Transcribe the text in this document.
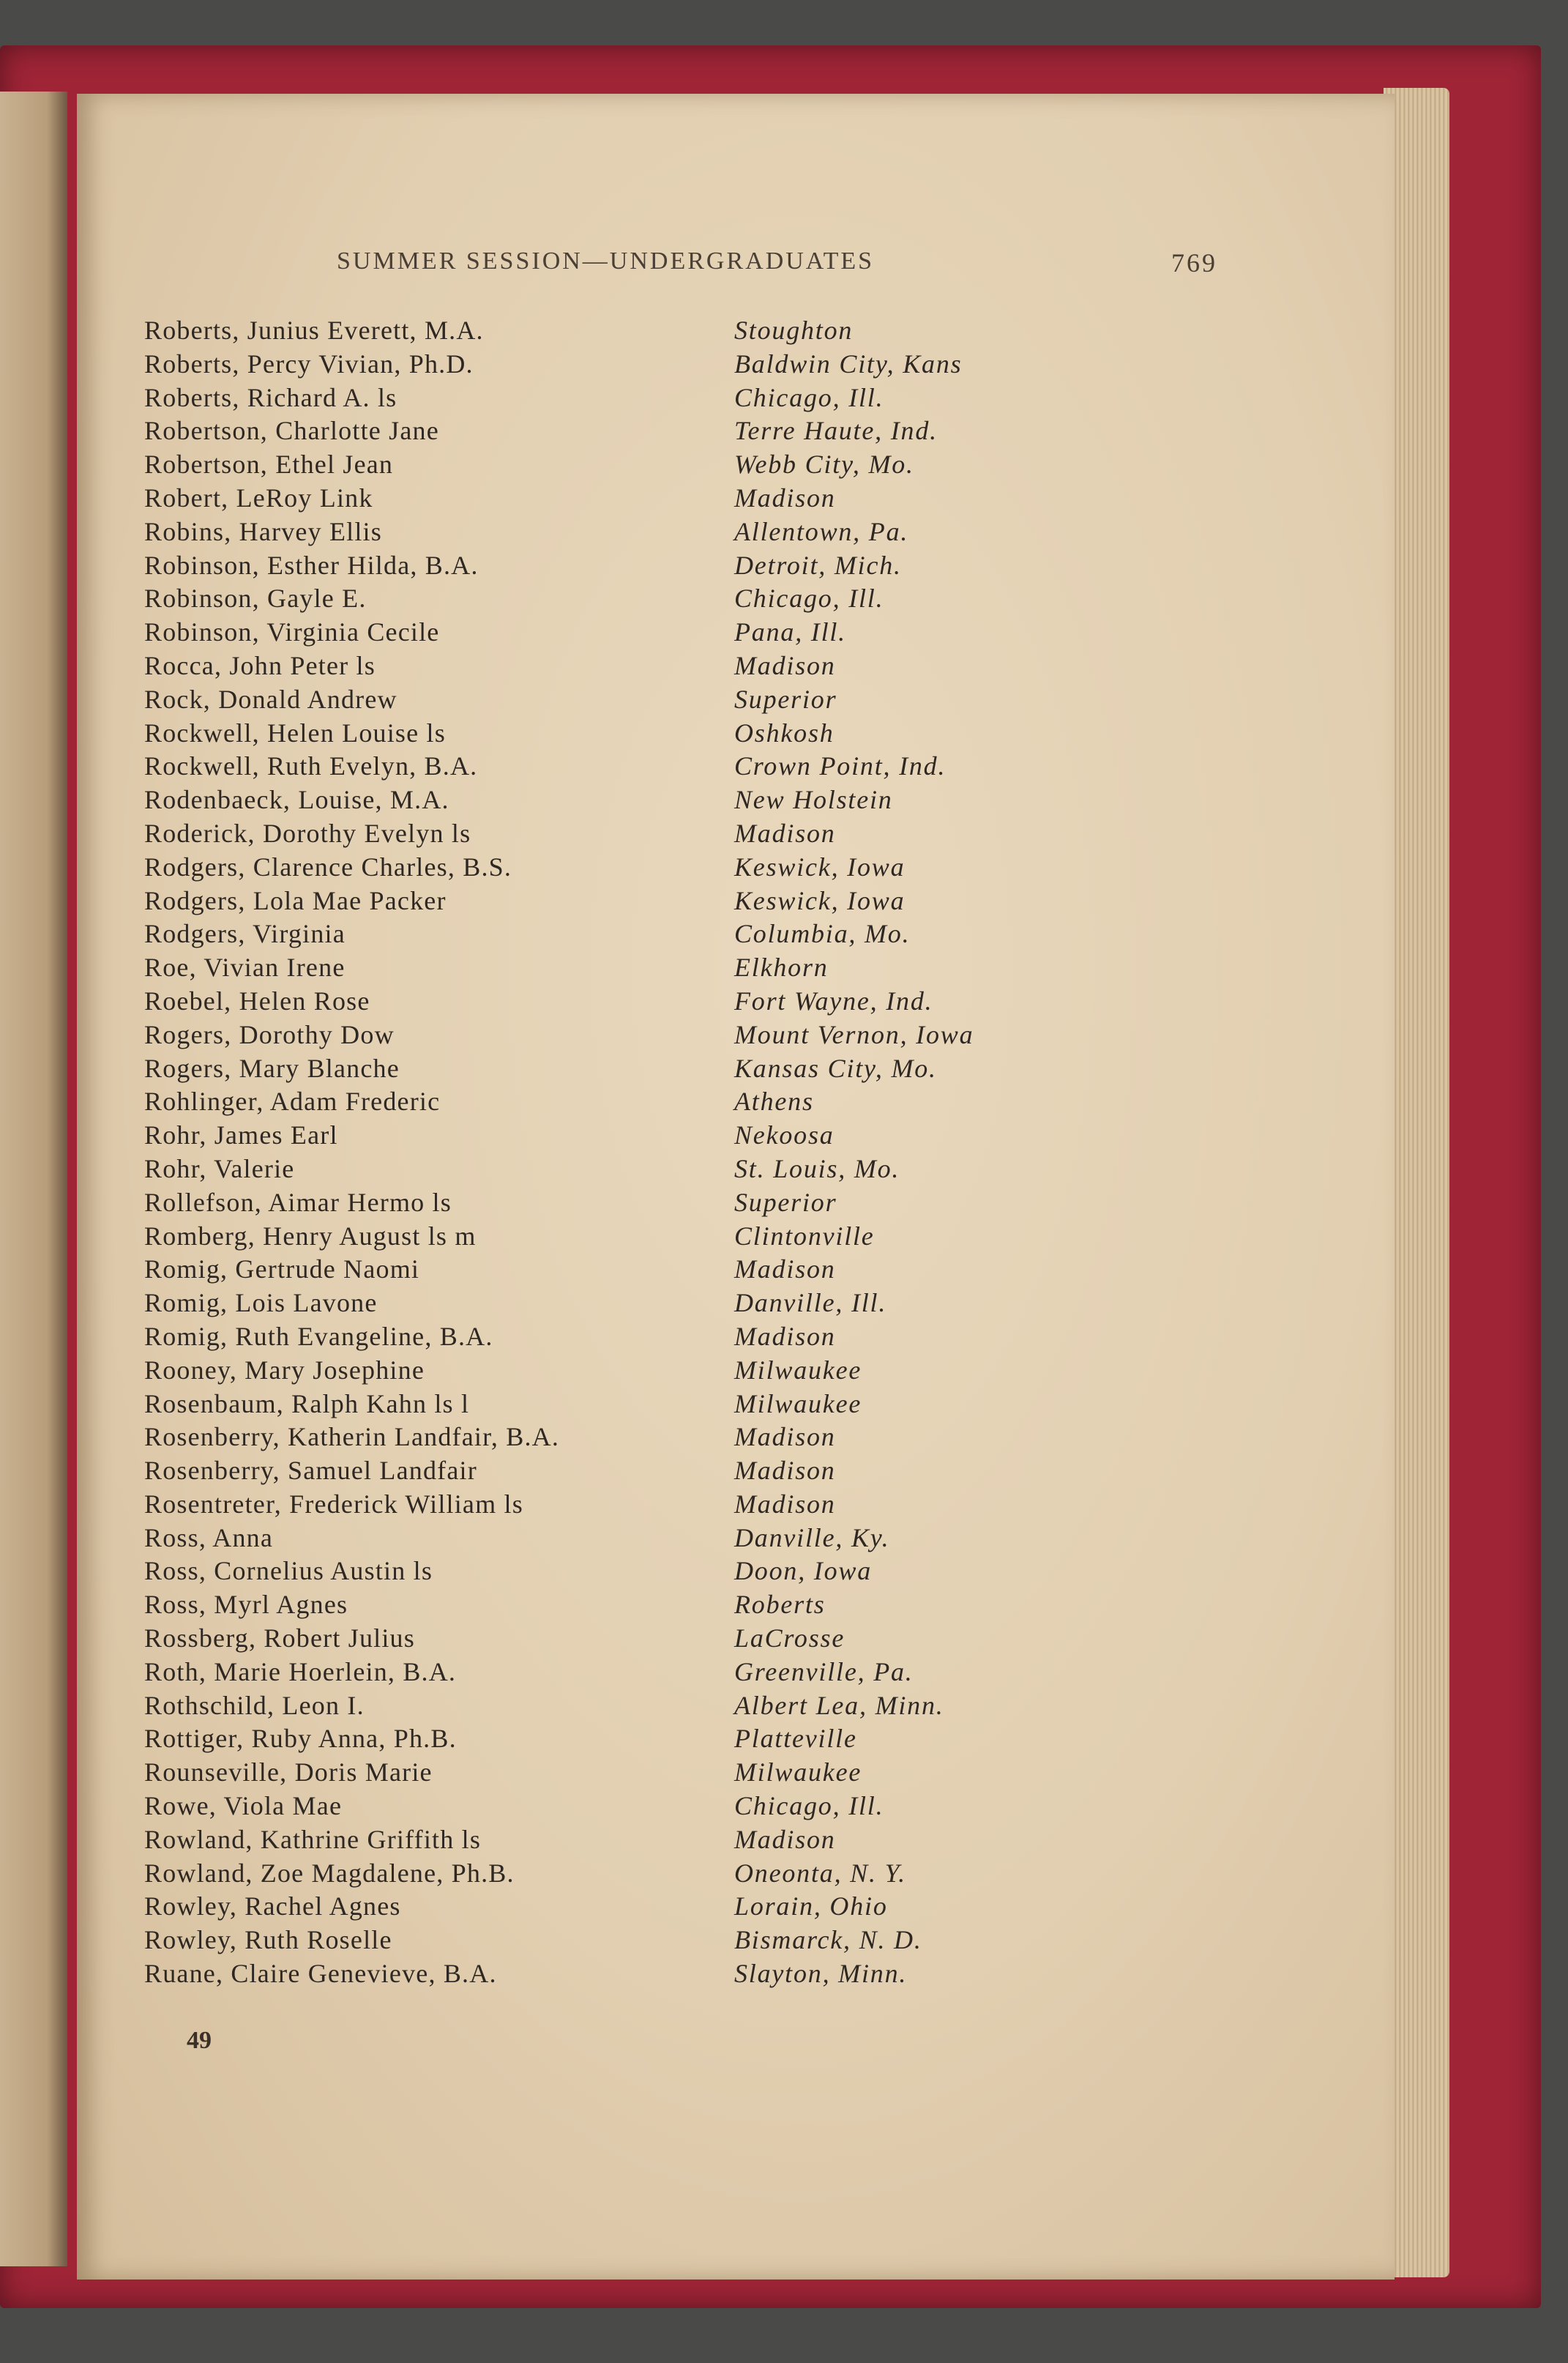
SUMMER SESSION—UNDERGRADUATES	769
Roberts, Junius Everett, M.A.	Stoughton
Roberts, Percy Vivian, Ph.D.	Baldwin City, Kans
Roberts, Richard A. ls	Chicago, Ill.
Robertson, Charlotte Jane	Terre Haute, Ind.
Robertson, Ethel Jean	Webb City, Mo.
Robert, LeRoy Link	Madison
Robins, Harvey Ellis	Allentown, Pa.
Robinson, Esther Hilda, B.A.	Detroit, Mich.
Robinson, Gayle E.	Chicago, Ill.
Robinson, Virginia Cecile	Pana, Ill.
Rocca, John Peter ls	Madison
Rock, Donald Andrew	Superior
Rockwell, Helen Louise ls	Oshkosh
Rockwell, Ruth Evelyn, B.A.	Crown Point, Ind.
Rodenbaeck, Louise, M.A.	New Holstein
Roderick, Dorothy Evelyn ls	Madison
Rodgers, Clarence Charles, B.S.	Keswick, Iowa
Rodgers, Lola Mae Packer	Keswick, Iowa
Rodgers, Virginia	Columbia, Mo.
Roe, Vivian Irene	Elkhorn
Roebel, Helen Rose	Fort Wayne, Ind.
Rogers, Dorothy Dow	Mount Vernon, Iowa
Rogers, Mary Blanche	Kansas City, Mo.
Rohlinger, Adam Frederic	Athens
Rohr, James Earl	Nekoosa
Rohr, Valerie	St. Louis, Mo.
Rollefson, Aimar Hermo ls	Superior
Romberg, Henry August ls m	Clintonville
Romig, Gertrude Naomi	Madison
Romig, Lois Lavone	Danville, Ill.
Romig, Ruth Evangeline, B.A.	Madison
Rooney, Mary Josephine	Milwaukee
Rosenbaum, Ralph Kahn ls l	Milwaukee
Rosenberry, Katherin Landfair, B.A.	Madison
Rosenberry, Samuel Landfair	Madison
Rosentreter, Frederick William ls	Madison
Ross, Anna	Danville, Ky.
Ross, Cornelius Austin ls	Doon, Iowa
Ross, Myrl Agnes	Roberts
Rossberg, Robert Julius	LaCrosse
Roth, Marie Hoerlein, B.A.	Greenville, Pa.
Rothschild, Leon I.	Albert Lea, Minn.
Rottiger, Ruby Anna, Ph.B.	Platteville
Rounseville, Doris Marie	Milwaukee
Rowe, Viola Mae	Chicago, Ill.
Rowland, Kathrine Griffith ls	Madison
Rowland, Zoe Magdalene, Ph.B.	Oneonta, N. Y.
Rowley, Rachel Agnes	Lorain, Ohio
Rowley, Ruth Roselle	Bismarck, N. D.
Ruane, Claire Genevieve, B.A.	Slayton, Minn.
49
